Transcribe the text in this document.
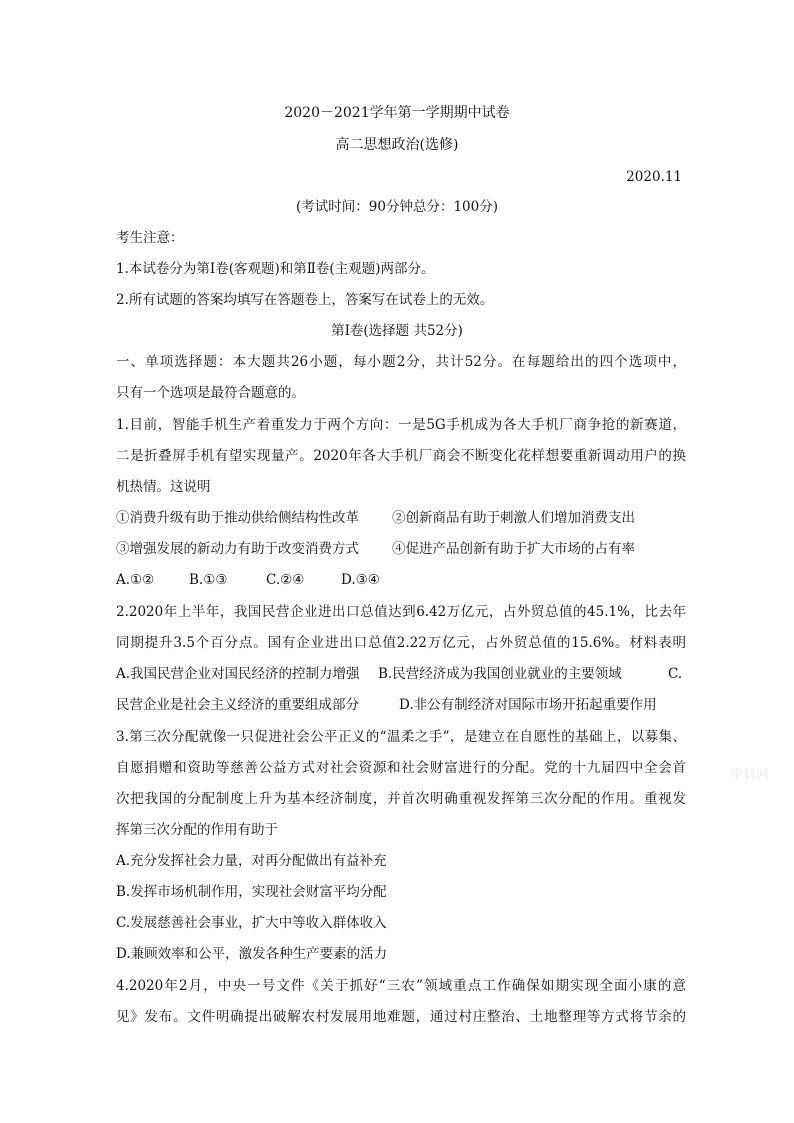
2020－2021学年第一学期期中试卷
高二思想政治(选修)
2020.11
(考试时间：90分钟总分：100分)
考生注意：
1.本试卷分为第Ⅰ卷(客观题)和第Ⅱ卷(主观题)两部分。
2.所有试题的答案均填写在答题卷上，答案写在试卷上的无效。
第Ⅰ卷(选择题 共52分)
一、单项选择题：本大题共26小题，每小题2分，共计52分。在每题给出的四个选项中，
只有一个选项是最符合题意的。
1.目前，智能手机生产着重发力于两个方向：一是5G手机成为各大手机厂商争抢的新赛道，
二是折叠屏手机有望实现量产。2020年各大手机厂商会不断变化花样想要重新调动用户的换
机热情。这说明
①消费升级有助于推动供给侧结构性改革 ②创新商品有助于刺激人们增加消费支出
③增强发展的新动力有助于改变消费方式 ④促进产品创新有助于扩大市场的占有率
A.①②	B.①③	C.②④	D.③④
2.2020年上半年，我国民营企业进出口总值达到6.42万亿元，占外贸总值的45.1%，比去年
同期提升3.5个百分点。国有企业进出口总值2.22万亿元，占外贸总值的15.6%。材料表明
A.我国民营企业对国民经济的控制力增强 B.民营经济成为我国创业就业的主要领域	C.
民营企业是社会主义经济的重要组成部分	D.非公有制经济对国际市场开拓起重要作用
3.第三次分配就像一只促进社会公平正义的“温柔之手”，是建立在自愿性的基础上，以募集、
自愿捐赠和资助等慈善公益方式对社会资源和社会财富进行的分配。党的十九届四中全会首
次把我国的分配制度上升为基本经济制度，并首次明确重视发挥第三次分配的作用。重视发
挥第三次分配的作用有助于
A.充分发挥社会力量，对再分配做出有益补充
B.发挥市场机制作用，实现社会财富平均分配
C.发展慈善社会事业，扩大中等收入群体收入
D.兼顾效率和公平，激发各种生产要素的活力
4.2020年2月，中央一号文件《关于抓好“三农”领域重点工作确保如期实现全面小康的意
见》发布。文件明确提出破解农村发展用地难题，通过村庄整治、土地整理等方式将节余的
学科网
